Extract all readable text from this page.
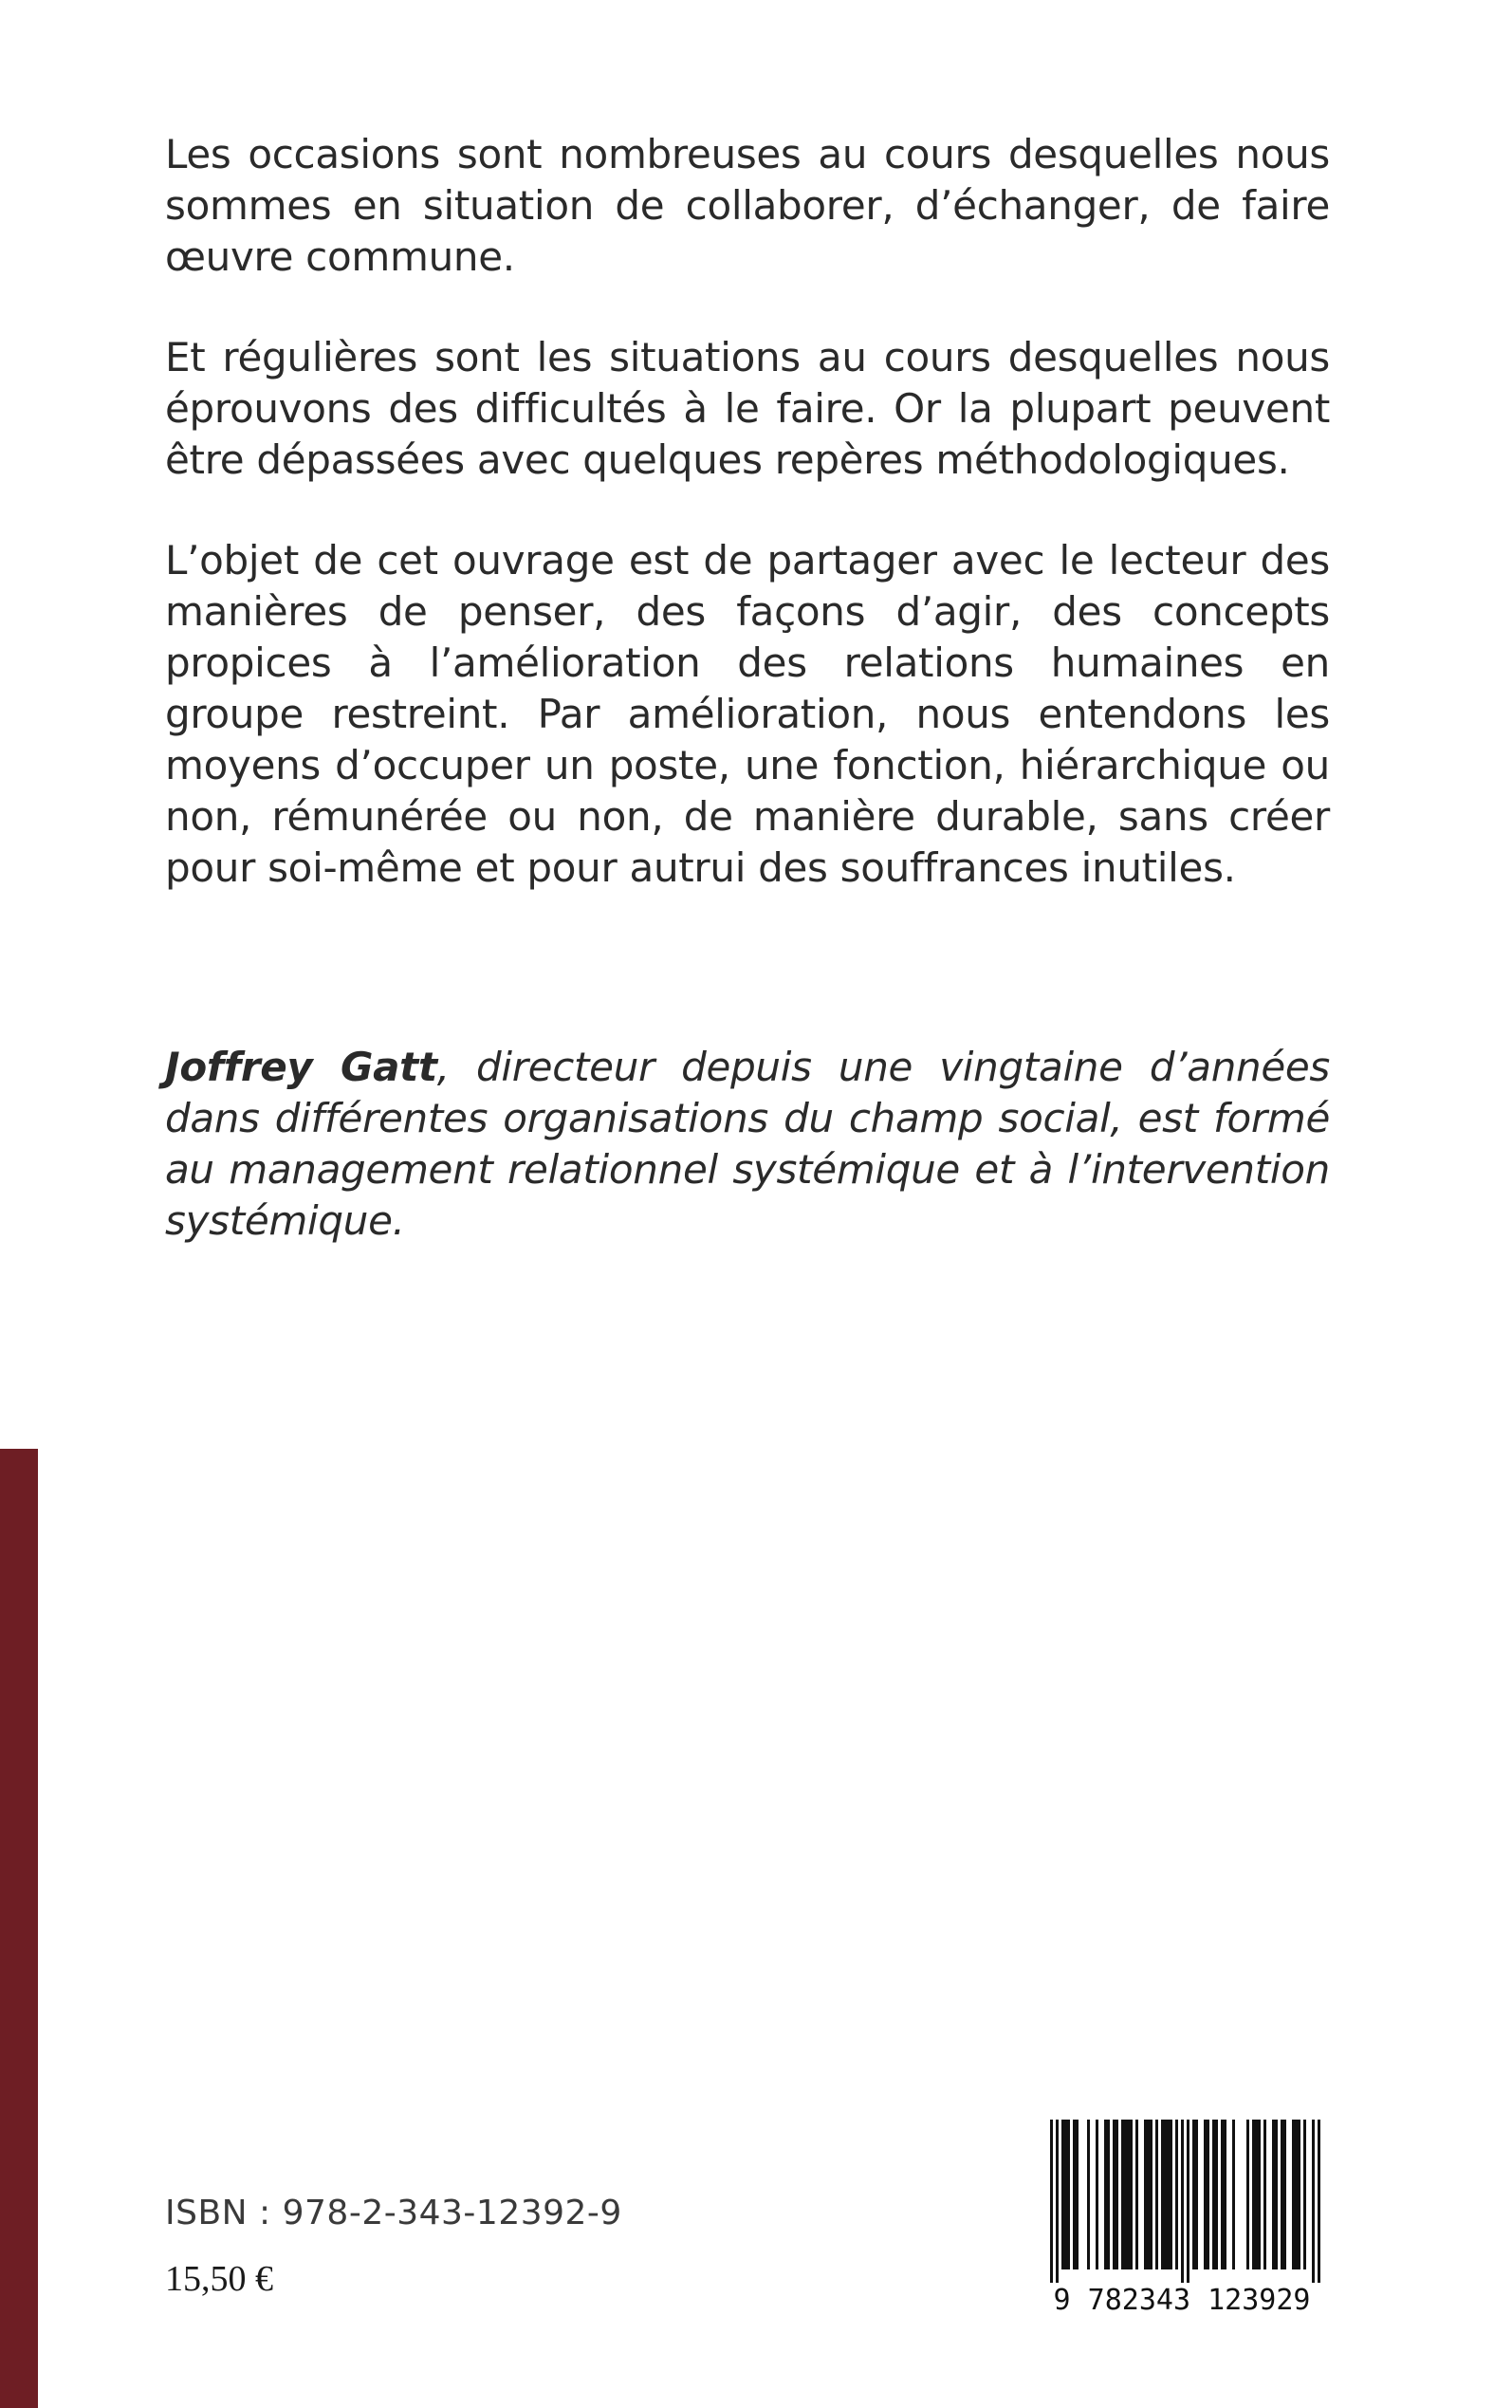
Les occasions sont nombreuses au cours desquelles nous sommes en situation de collaborer, d’échanger, de faire œuvre commune.

Et régulières sont les situations au cours desquelles nous éprouvons des difficultés à le faire. Or la plupart peuvent être dépassées avec quelques repères méthodologiques.

L’objet de cet ouvrage est de partager avec le lecteur des manières de penser, des façons d’agir, des concepts propices à l’amélioration des relations humaines en groupe restreint. Par amélioration, nous entendons les moyens d’occuper un poste, une fonction, hiérarchique ou non, rémunérée ou non, de manière durable, sans créer pour soi-même et pour autrui des souffrances inutiles.

Joffrey Gatt, directeur depuis une vingtaine d’années dans différentes organisations du champ social, est formé au management relationnel systémique et à l’intervention systémique.

ISBN : 978-2-343-12392-9
15,50 €
9 782343 123929
